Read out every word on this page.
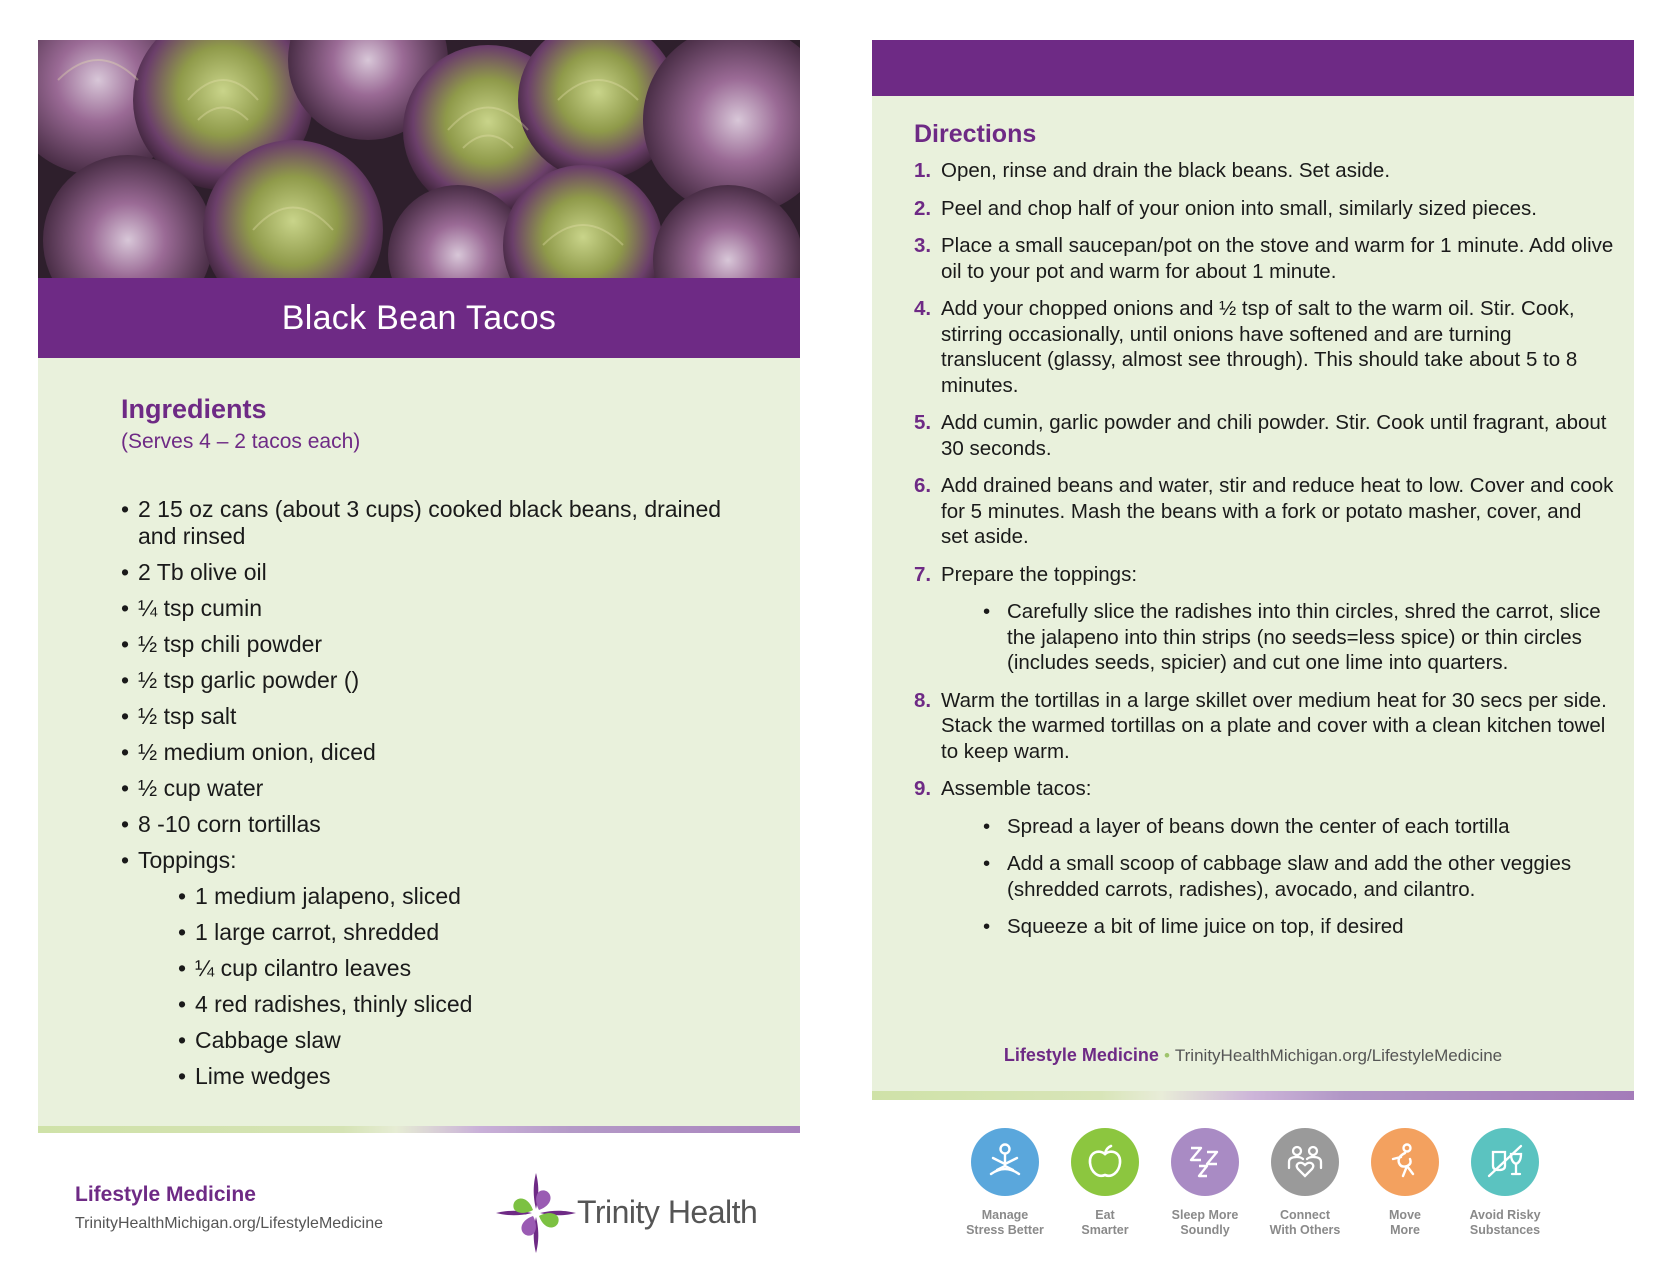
Black Bean Tacos
Ingredients
(Serves 4 – 2 tacos each)
• 2 15 oz cans (about 3 cups) cooked black beans, drained and rinsed
• 2 Tb olive oil
• ¼ tsp cumin
• ½ tsp chili powder
• ½ tsp garlic powder ()
• ½ tsp salt
• ½ medium onion, diced
• ½ cup water
• 8 -10 corn tortillas
• Toppings:
• 1 medium jalapeno, sliced
• 1 large carrot, shredded
• ¼ cup cilantro leaves
• 4 red radishes, thinly sliced
• Cabbage slaw
• Lime wedges
Lifestyle Medicine
TrinityHealthMichigan.org/LifestyleMedicine	Trinity Health
Directions
1. Open, rinse and drain the black beans. Set aside.
2. Peel and chop half of your onion into small, similarly sized pieces.
3. Place a small saucepan/pot on the stove and warm for 1 minute. Add olive oil to your pot and warm for about 1 minute.
4. Add your chopped onions and ½ tsp of salt to the warm oil. Stir. Cook, stirring occasionally, until onions have softened and are turning translucent (glassy, almost see through). This should take about 5 to 8 minutes.
5. Add cumin, garlic powder and chili powder. Stir. Cook until fragrant, about 30 seconds.
6. Add drained beans and water, stir and reduce heat to low. Cover and cook for 5 minutes. Mash the beans with a fork or potato masher, cover, and set aside.
7. Prepare the toppings:
• Carefully slice the radishes into thin circles, shred the carrot, slice the jalapeno into thin strips (no seeds=less spice) or thin circles (includes seeds, spicier) and cut one lime into quarters.
8. Warm the tortillas in a large skillet over medium heat for 30 secs per side. Stack the warmed tortillas on a plate and cover with a clean kitchen towel to keep warm.
9. Assemble tacos:
• Spread a layer of beans down the center of each tortilla
• Add a small scoop of cabbage slaw and add the other veggies (shredded carrots, radishes), avocado, and cilantro.
• Squeeze a bit of lime juice on top, if desired
Lifestyle Medicine • TrinityHealthMichigan.org/LifestyleMedicine
Manage
Stress Better
Eat
Smarter
Sleep More
Soundly
Connect
With Others
Move
More
Avoid Risky
Substances
